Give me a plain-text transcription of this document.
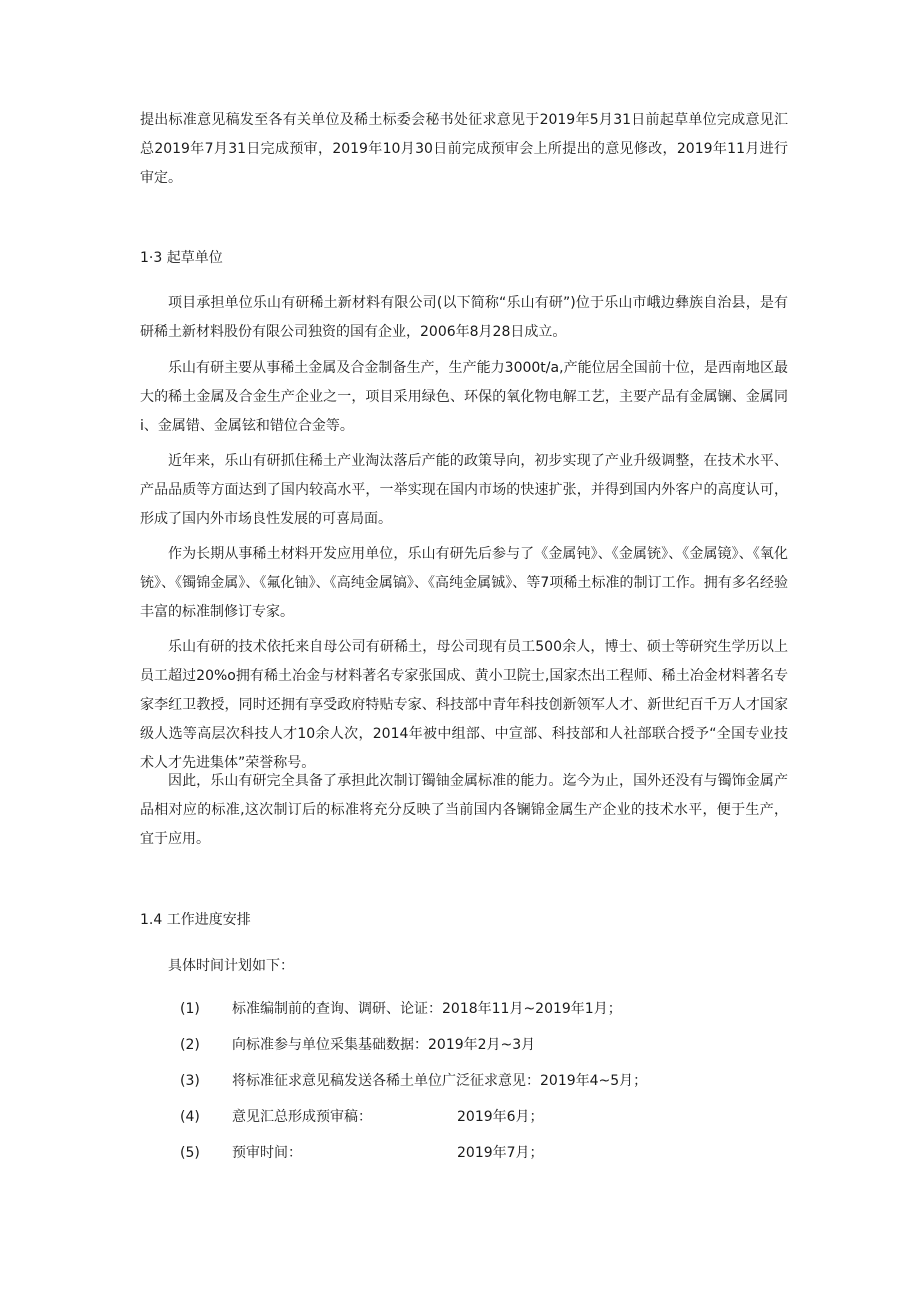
提出标准意见稿发至各有关单位及稀土标委会秘书处征求意见于2019年5月31日前起草单位完成意见汇总2019年7月31日完成预审，2019年10月30日前完成预审会上所提出的意见修改，2019年11月进行审定。

1·3 起草单位

项目承担单位乐山有研稀土新材料有限公司(以下简称“乐山有研”)位于乐山市峨边彝族自治县，是有研稀土新材料股份有限公司独资的国有企业，2006年8月28日成立。

乐山有研主要从事稀土金属及合金制备生产，生产能力3000t/a,产能位居全国前十位，是西南地区最大的稀土金属及合金生产企业之一，项目采用绿色、环保的氧化物电解工艺，主要产品有金属镧、金属同i、金属错、金属铉和错位合金等。

近年来，乐山有研抓住稀土产业淘汰落后产能的政策导向，初步实现了产业升级调整，在技术水平、产品品质等方面达到了国内较高水平，一举实现在国内市场的快速扩张，并得到国内外客户的高度认可，形成了国内外市场良性发展的可喜局面。

作为长期从事稀土材料开发应用单位，乐山有研先后参与了《金属钝》、《金属铳》、《金属镜》、《氧化铳》、《镯锦金属》、《氟化铀》、《高纯金属镐》、《高纯金属铖》、等7项稀土标准的制订工作。拥有多名经验丰富的标准制修订专家。

乐山有研的技术依托来自母公司有研稀土，母公司现有员工500余人，博士、硕士等研究生学历以上员工超过20%o拥有稀土冶金与材料著名专家张国成、黄小卫院士,国家杰出工程师、稀土冶金材料著名专家李红卫教授，同时还拥有享受政府特贴专家、科技部中青年科技创新领军人才、新世纪百千万人才国家级人选等高层次科技人才10余人次，2014年被中组部、中宣部、科技部和人社部联合授予“全国专业技术人才先进集体”荣誉称号。

因此，乐山有研完全具备了承担此次制订镯铀金属标准的能力。迄今为止，国外还没有与镯饰金属产品相对应的标准,这次制订后的标准将充分反映了当前国内各镧锦金属生产企业的技术水平，便于生产，宜于应用。

1.4 工作进度安排

具体时间计划如下：

(1) 标准编制前的查询、调研、论证：2018年11月~2019年1月；
(2) 向标准参与单位采集基础数据：2019年2月~3月
(3) 将标准征求意见稿发送各稀土单位广泛征求意见：2019年4~5月；
(4) 意见汇总形成预审稿：	2019年6月；
(5) 预审时间：	2019年7月；
